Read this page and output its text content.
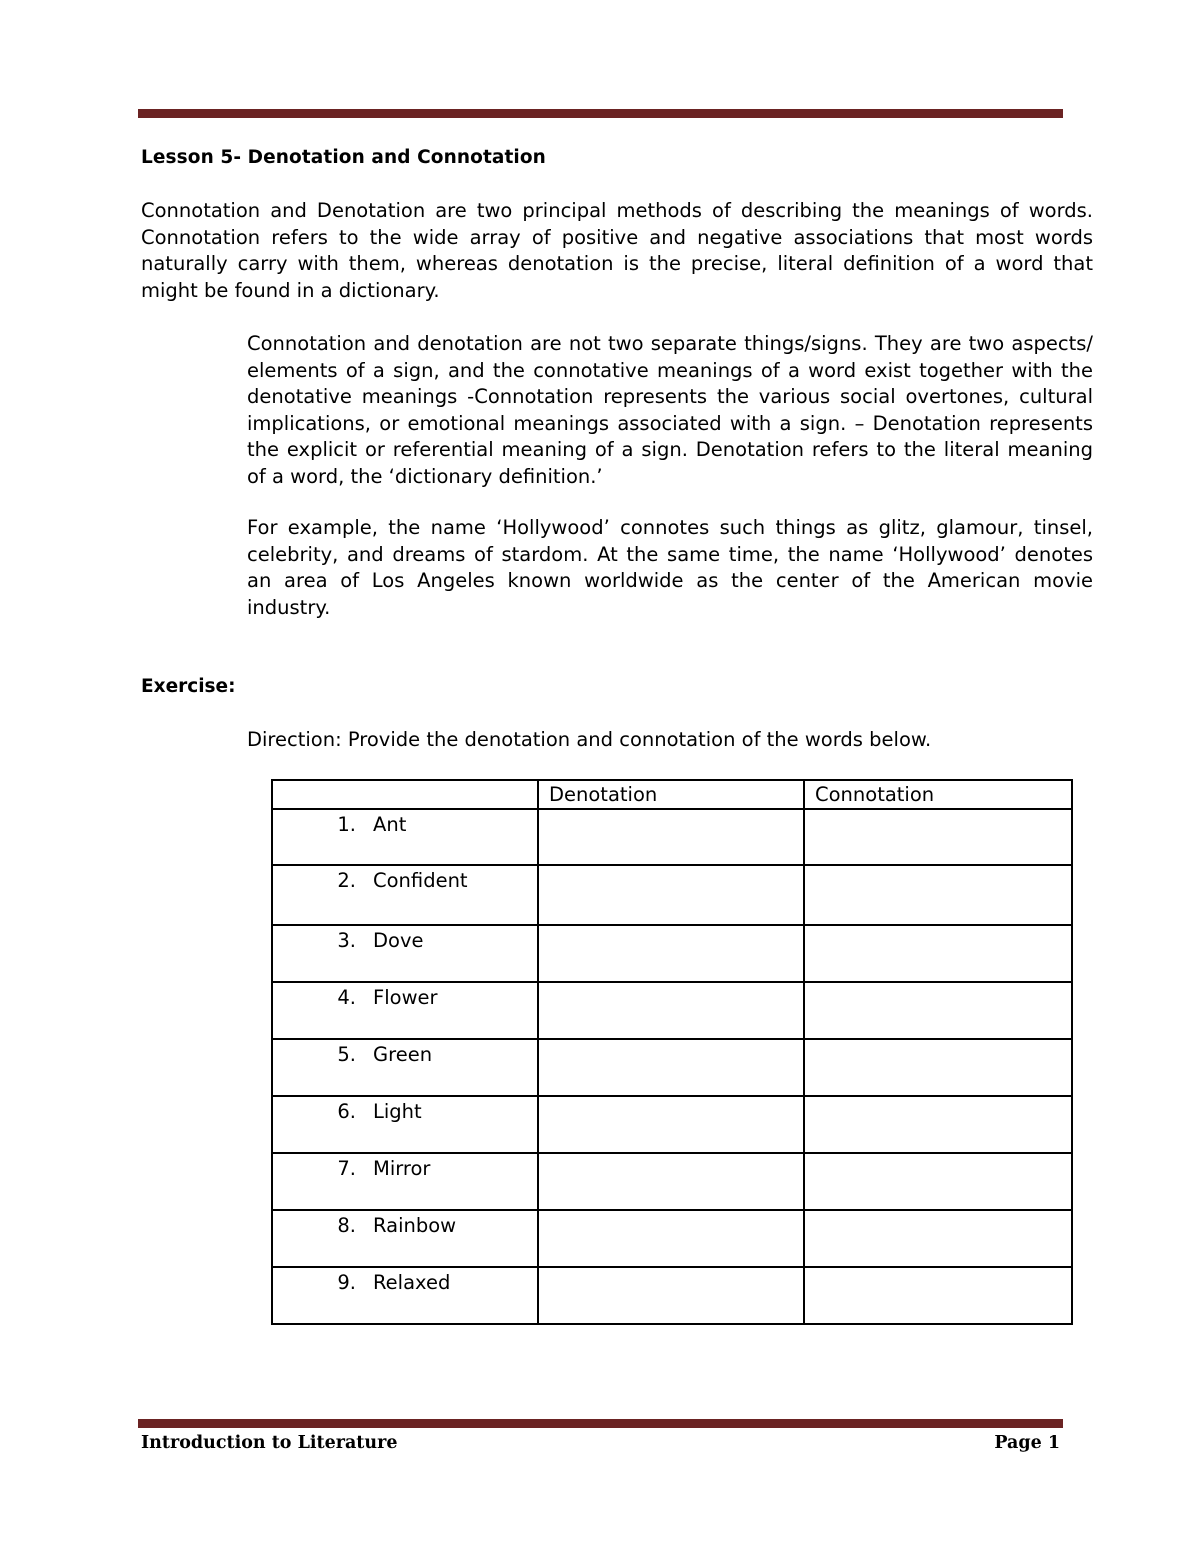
Lesson 5- Denotation and Connotation

Connotation and Denotation are two principal methods of describing the meanings of words. Connotation refers to the wide array of positive and negative associations that most words naturally carry with them, whereas denotation is the precise, literal definition of a word that might be found in a dictionary.

Connotation and denotation are not two separate things/signs. They are two aspects/ elements of a sign, and the connotative meanings of a word exist together with the denotative meanings -Connotation represents the various social overtones, cultural implications, or emotional meanings associated with a sign. – Denotation represents the explicit or referential meaning of a sign. Denotation refers to the literal meaning of a word, the ‘dictionary definition.’

For example, the name ‘Hollywood’ connotes such things as glitz, glamour, tinsel, celebrity, and dreams of stardom. At the same time, the name ‘Hollywood’ denotes an area of Los Angeles known worldwide as the center of the American movie industry.

Exercise:
Direction: Provide the denotation and connotation of the words below.
	Denotation	Connotation

1. Ant		

2. Confident		

3. Dove		

4. Flower		

5. Green		

6. Light		

7. Mirror		

8. Rainbow		

9. Relaxed		

Introduction to Literature	Page 1
